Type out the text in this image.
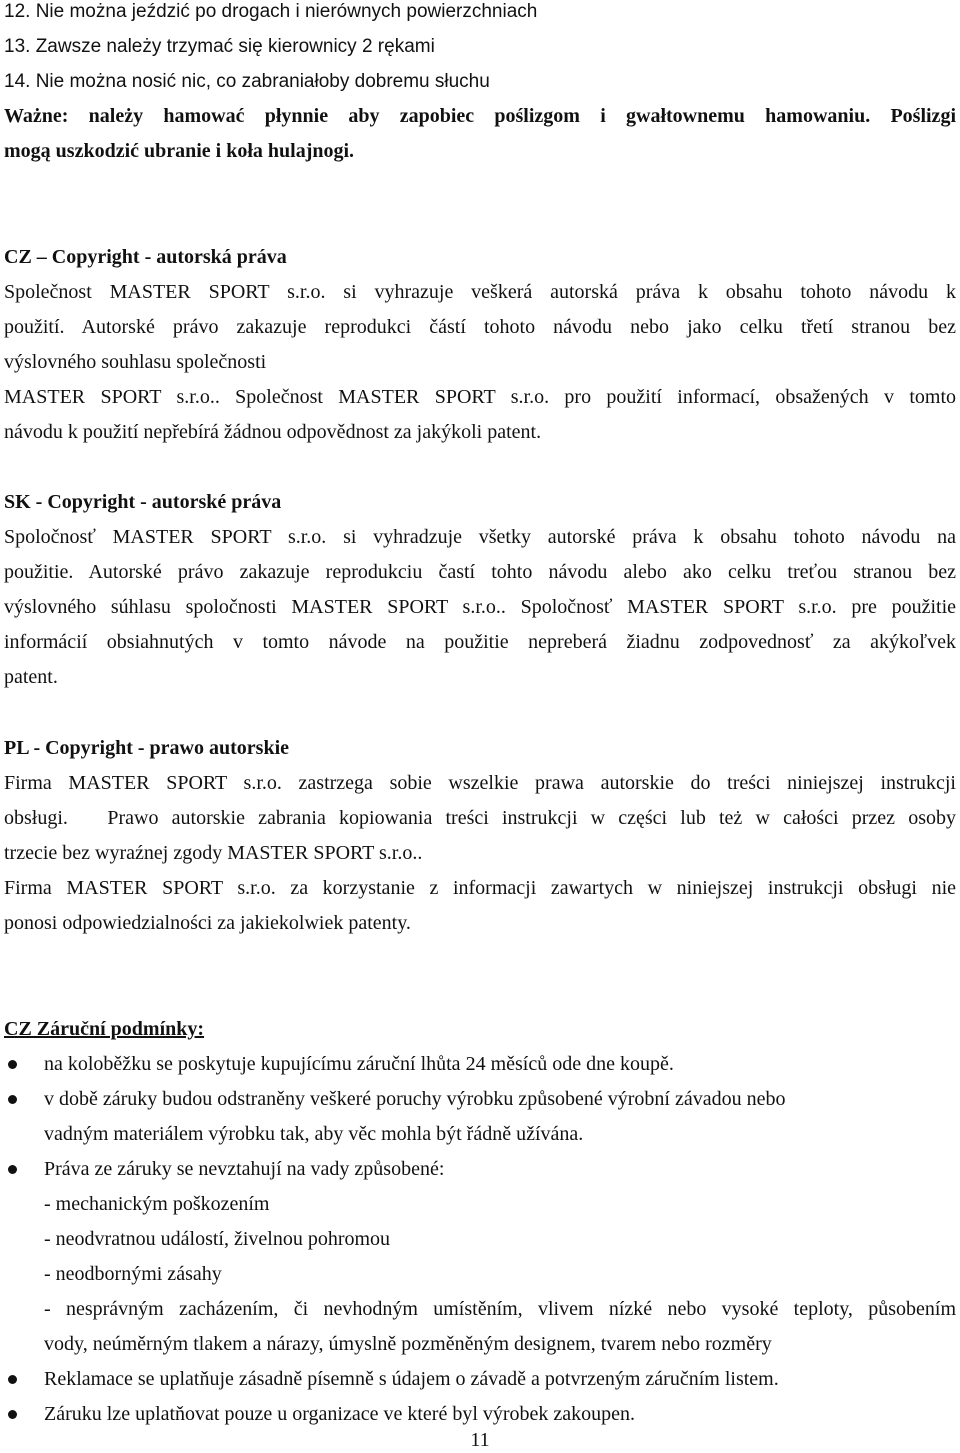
12. Nie można jeździć po drogach i nierównych powierzchniach
13. Zawsze należy trzymać się kierownicy 2 rękami
14. Nie można nosić nic, co zabraniałoby dobremu słuchu
Ważne: należy hamować płynnie aby zapobiec poślizgom i gwałtownemu hamowaniu. Poślizgi
mogą uszkodzić ubranie i koła hulajnogi.
CZ – Copyright - autorská práva
Společnost MASTER SPORT s.r.o. si vyhrazuje veškerá autorská práva k obsahu tohoto návodu k
použití. Autorské právo zakazuje reprodukci částí tohoto návodu nebo jako celku třetí stranou bez
výslovného souhlasu společnosti
MASTER SPORT s.r.o.. Společnost MASTER SPORT s.r.o. pro použití informací, obsažených v tomto
návodu k použití nepřebírá žádnou odpovědnost za jakýkoli patent.
SK - Copyright - autorské práva
Spoločnosť MASTER SPORT s.r.o. si vyhradzuje všetky autorské práva k obsahu tohoto návodu na
použitie. Autorské právo zakazuje reprodukciu častí tohto návodu alebo ako celku treťou stranou bez
výslovného súhlasu spoločnosti MASTER SPORT s.r.o.. Spoločnosť MASTER SPORT s.r.o. pre použitie
informácií obsiahnutých v tomto návode na použitie nepreberá žiadnu zodpovednosť za akýkoľvek
patent.
PL - Copyright - prawo autorskie
Firma MASTER SPORT s.r.o. zastrzega sobie wszelkie prawa autorskie do treści niniejszej instrukcji
obsługi.   Prawo autorskie zabrania kopiowania treści instrukcji w części lub też w całości przez osoby
trzecie bez wyraźnej zgody MASTER SPORT s.r.o..
Firma MASTER SPORT s.r.o. za korzystanie z informacji zawartych w niniejszej instrukcji obsługi nie
ponosi odpowiedzialności za jakiekolwiek patenty.
CZ Záruční podmínky:
na koloběžku se poskytuje kupujícímu záruční lhůta 24 měsíců ode dne koupě.
v době záruky budou odstraněny veškeré poruchy výrobku způsobené výrobní závadou nebo
vadným materiálem výrobku tak, aby věc mohla být řádně užívána.
Práva ze záruky se nevztahují na vady způsobené:
- mechanickým poškozením
- neodvratnou událostí, živelnou pohromou
- neodbornými zásahy
- nesprávným zacházením, či nevhodným umístěním, vlivem nízké nebo vysoké teploty, působením
vody, neúměrným tlakem a nárazy, úmyslně pozměněným designem, tvarem nebo rozměry
Reklamace se uplatňuje zásadně písemně s údajem o závadě a potvrzeným záručním listem.
Záruku lze uplatňovat pouze u organizace ve které byl výrobek zakoupen.
11
